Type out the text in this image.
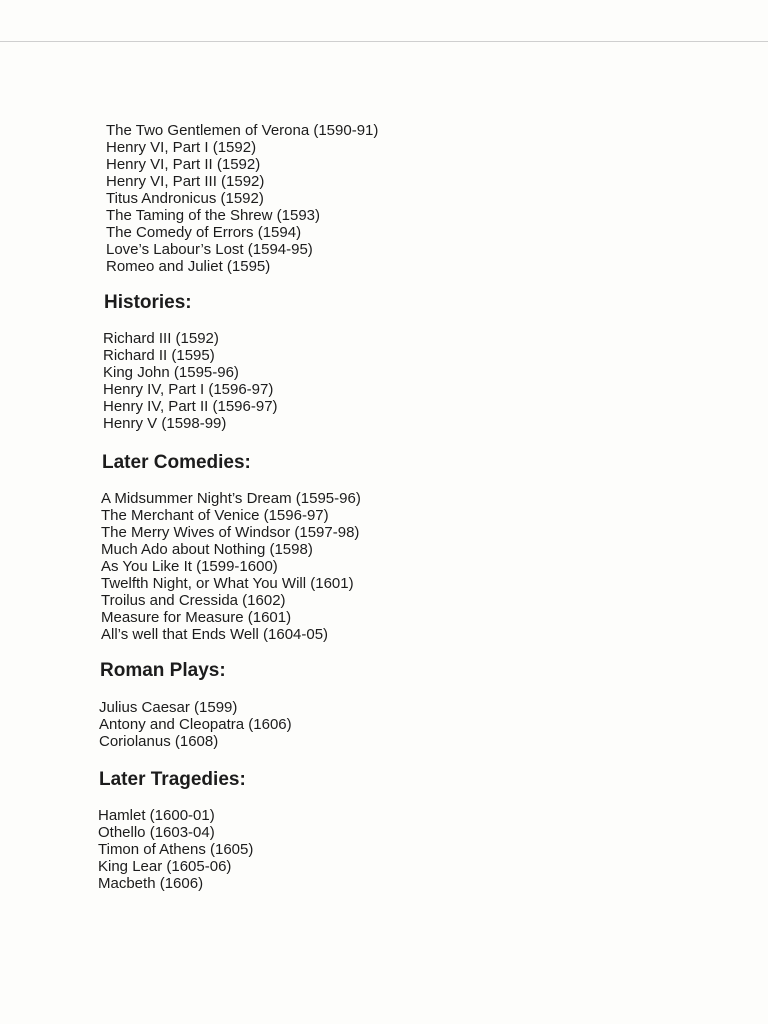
The Two Gentlemen of Verona (1590-91)
Henry VI, Part I (1592)
Henry VI, Part II (1592)
Henry VI, Part III (1592)
Titus Andronicus (1592)
The Taming of the Shrew (1593)
The Comedy of Errors (1594)
Love’s Labour’s Lost (1594-95)
Romeo and Juliet (1595)
Histories:
Richard III (1592)
Richard II (1595)
King John (1595-96)
Henry IV, Part I (1596-97)
Henry IV, Part II (1596-97)
Henry V (1598-99)
Later Comedies:
A Midsummer Night’s Dream (1595-96)
The Merchant of Venice (1596-97)
The Merry Wives of Windsor (1597-98)
Much Ado about Nothing (1598)
As You Like It (1599-1600)
Twelfth Night, or What You Will (1601)
Troilus and Cressida (1602)
Measure for Measure (1601)
All’s well that Ends Well (1604-05)
Roman Plays:
Julius Caesar (1599)
Antony and Cleopatra (1606)
Coriolanus (1608)
Later Tragedies:
Hamlet (1600-01)
Othello (1603-04)
Timon of Athens (1605)
King Lear (1605-06)
Macbeth (1606)
